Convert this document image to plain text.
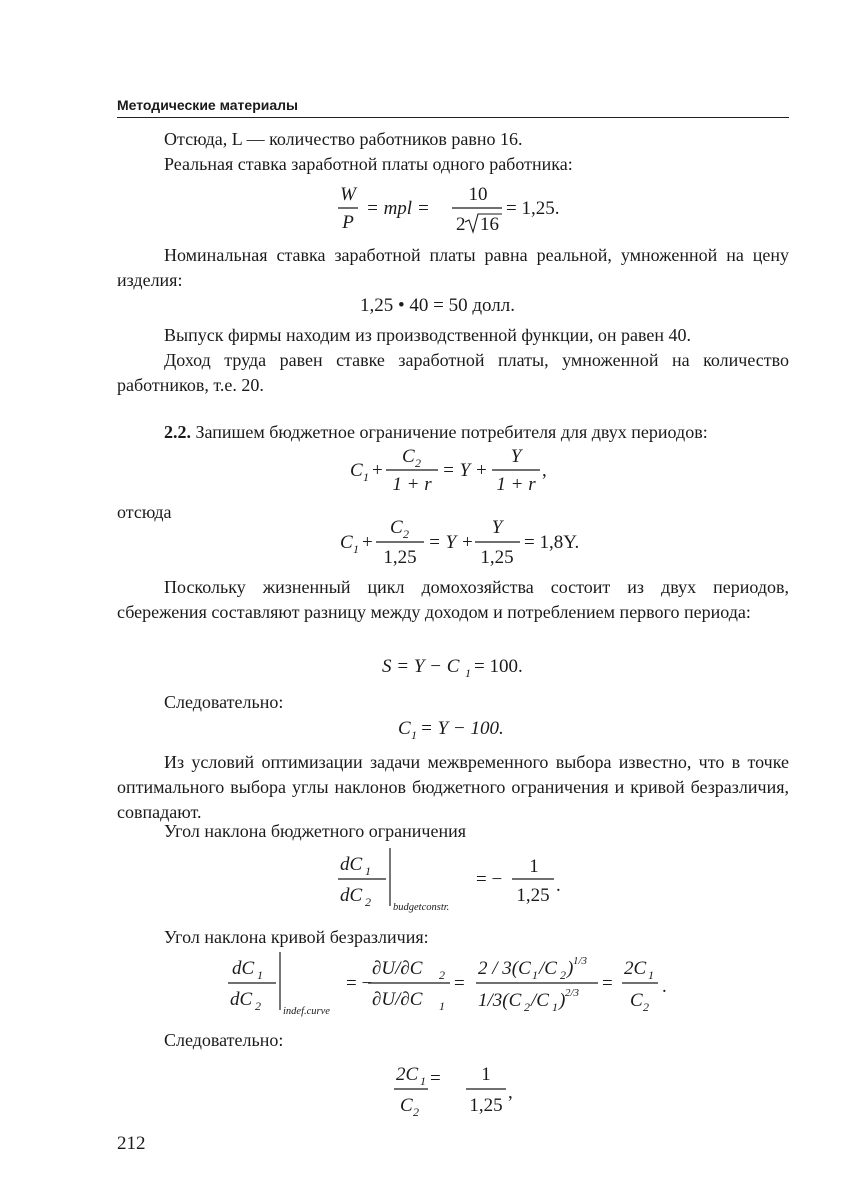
Методические материалы
Отсюда, L — количество работников равно 16.
Реальная ставка заработной платы одного работника:
W
P
= mpl =
10
2 16
= 1,25.
Номинальная ставка заработной платы равна реальной, умноженной на цену изделия:
1,25 • 40 = 50 долл.
Выпуск фирмы находим из производственной функции, он равен 40.
Доход труда равен ставке заработной платы, умноженной на количество работников, т.е. 20.
2.2. Запишем бюджетное ограничение потребителя для двух периодов:
C 1 +
C 2
1 + r
= Y +
Y
1 + r
,
отсюда
C 1 +
C 2
1,25
= Y +
Y
1,25
= 1,8Y.
Поскольку жизненный цикл домохозяйства состоит из двух периодов, сбережения составляют разницу между доходом и потреблением первого периода:
S = Y − C 1 = 100.
Следовательно:
C 1 = Y − 100.
Из условий оптимизации задачи межвременного выбора известно, что в точке оптимального выбора углы наклонов бюджетного ограничения и кривой безразличия, совпадают.
Угол наклона бюджетного ограничения
dC 1
dC 2 budgetconstr.
= −
1
1,25 .
Угол наклона кривой безразличия:
dC 1
dC 2 indef.curve
= −
∂U/∂C 2
∂U/∂C 1
=
2 / 3(C 1 /C 2 ) 1/3
1/3(C 2 /C 1 ) 2/3 =
2C 1
C 2
.
Следовательно:
2C 1
C 2
= 1
1,25
,
212
